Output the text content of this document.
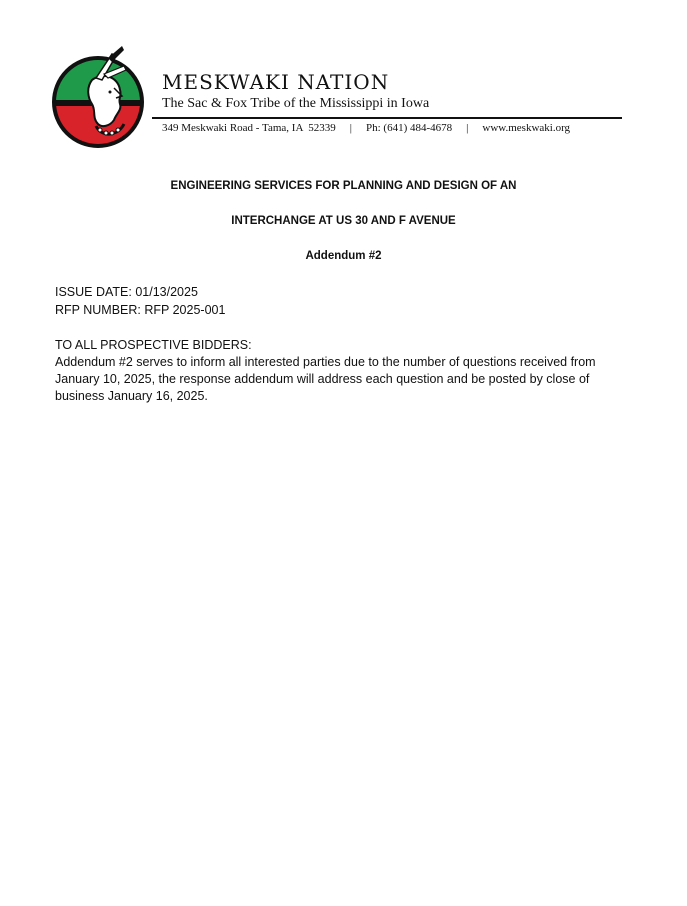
MESKWAKI NATION
The Sac & Fox Tribe of the Mississippi in Iowa
349 Meskwaki Road - Tama, IA  52339 | Ph: (641) 484-4678 | www.meskwaki.org
ENGINEERING SERVICES FOR PLANNING AND DESIGN OF AN
INTERCHANGE AT US 30 AND F AVENUE
Addendum #2
ISSUE DATE: 01/13/2025
RFP NUMBER: RFP 2025-001
TO ALL PROSPECTIVE BIDDERS:
Addendum #2 serves to inform all interested parties due to the number of questions received from January 10, 2025, the response addendum will address each question and be posted by close of business January 16, 2025.
